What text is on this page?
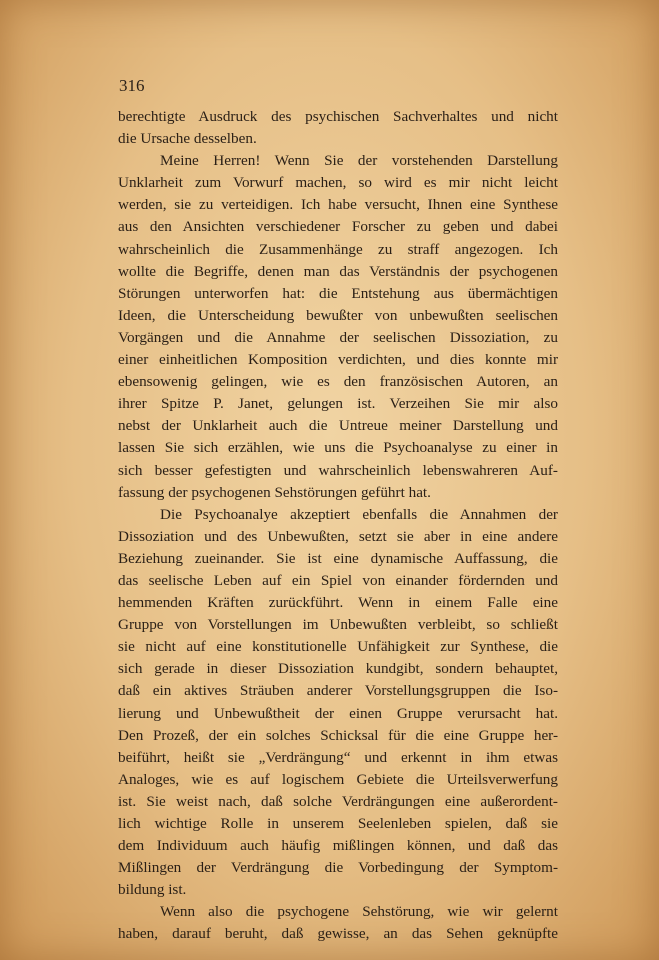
316
berechtigte Ausdruck des psychischen Sachverhaltes und nicht
die Ursache desselben.
Meine Herren! Wenn Sie der vorstehenden Darstellung
Unklarheit zum Vorwurf machen, so wird es mir nicht leicht
werden, sie zu verteidigen. Ich habe versucht, Ihnen eine Synthese
aus den Ansichten verschiedener Forscher zu geben und dabei
wahrscheinlich die Zusammenhänge zu straff angezogen. Ich
wollte die Begriffe, denen man das Verständnis der psychogenen
Störungen unterworfen hat: die Entstehung aus übermächtigen
Ideen, die Unterscheidung bewußter von unbewußten seelischen
Vorgängen und die Annahme der seelischen Dissoziation, zu
einer einheitlichen Komposition verdichten, und dies konnte mir
ebensowenig gelingen, wie es den französischen Autoren, an
ihrer Spitze P. Janet, gelungen ist. Verzeihen Sie mir also
nebst der Unklarheit auch die Untreue meiner Darstellung und
lassen Sie sich erzählen, wie uns die Psychoanalyse zu einer in
sich besser gefestigten und wahrscheinlich lebenswahreren Auf-
fassung der psychogenen Sehstörungen geführt hat.
Die Psychoanalye akzeptiert ebenfalls die Annahmen der
Dissoziation und des Unbewußten, setzt sie aber in eine andere
Beziehung zueinander. Sie ist eine dynamische Auffassung, die
das seelische Leben auf ein Spiel von einander fördernden und
hemmenden Kräften zurückführt. Wenn in einem Falle eine
Gruppe von Vorstellungen im Unbewußten verbleibt, so schließt
sie nicht auf eine konstitutionelle Unfähigkeit zur Synthese, die
sich gerade in dieser Dissoziation kundgibt, sondern behauptet,
daß ein aktives Sträuben anderer Vorstellungsgruppen die Iso-
lierung und Unbewußtheit der einen Gruppe verursacht hat.
Den Prozeß, der ein solches Schicksal für die eine Gruppe her-
beiführt, heißt sie „Verdrängung“ und erkennt in ihm etwas
Analoges, wie es auf logischem Gebiete die Urteilsverwerfung
ist. Sie weist nach, daß solche Verdrängungen eine außerordent-
lich wichtige Rolle in unserem Seelenleben spielen, daß sie
dem Individuum auch häufig mißlingen können, und daß das
Mißlingen der Verdrängung die Vorbedingung der Symptom-
bildung ist.
Wenn also die psychogene Sehstörung, wie wir gelernt
haben, darauf beruht, daß gewisse, an das Sehen geknüpfte
